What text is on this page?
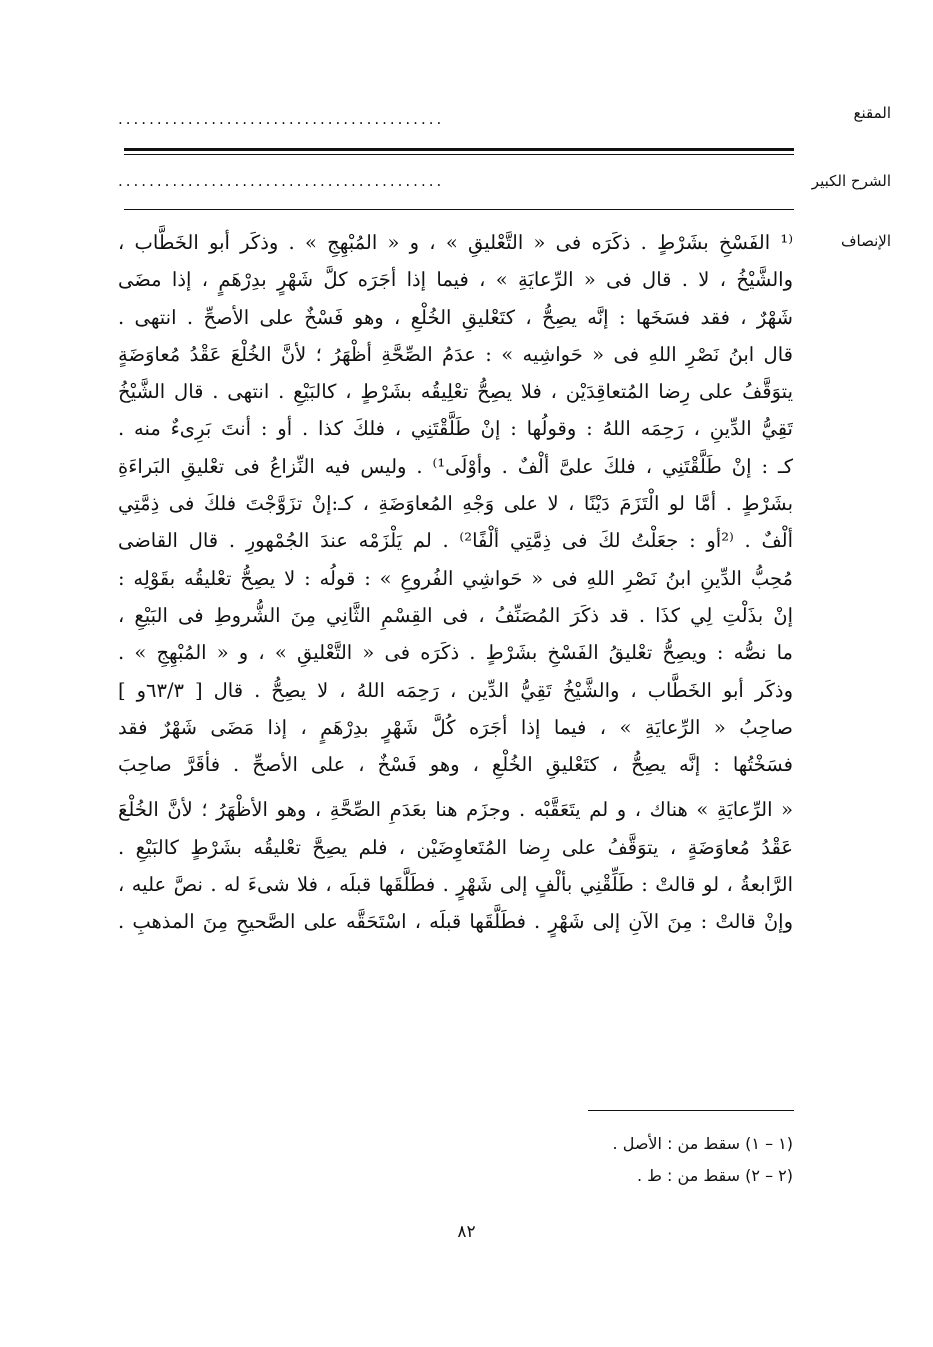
المقنع
..........................................
الشرح الكبير
..........................................
الإنصاف
⁽¹ الفَسْخِ بشَرْطٍ . ذكَرَه فى « التَّعْليقِ » ، و « المُبْهِجِ » . وذكَر أبو الخَطَّاب ،
والشَّيْخُ ، لا . قال فى « الرِّعايَةِ » ، فيما إذا أجَرَه كلَّ شَهْرٍ بدِرْهَمٍ ، إذا مضَى
شَهْرٌ ، فقد فسَخَها : إنَّه يصِحُّ ، كتَعْليقِ الخُلْعِ ، وهو فَسْخٌ على الأصحِّ . انتهى .
قال ابنُ نَصْرِ اللهِ فى « حَواشِيه » : عدَمُ الصِّحَّةِ أظْهَرُ ؛ لأنَّ الخُلْعَ عَقْدُ مُعاوَضَةٍ
يتوَقَّفُ على رِضا المُتعاقِدَيْن ، فلا يصِحُّ تعْلِيقُه بشَرْطٍ ، كالبَيْعِ . انتهى . قال الشَّيْخُ
تَقِيُّ الدِّينِ ، رَحِمَه اللهُ : وقولُها : إنْ طَلَّقْتَنِي ، فلكَ كذا . أو : أنتَ بَرِىءٌ منه .
كـ : إنْ طَلَّقْتَنِي ، فلكَ علىَّ ألْفٌ . وأوْلَى¹⁾ . وليس فيه النِّزاعُ فى تعْليقِ البَراءَةِ
بشَرْطٍ . أمَّا لو الْتَزَمَ دَيْنًا ، لا على وَجْهِ المُعاوَضَةِ ، كـ:إنْ تزَوَّجْتَ فلكَ فى ذِمَّتِي
ألْفٌ . ⁽²أو : جعَلْتُ لكَ فى ذِمَّتِي ألْفًا²⁾ . لم يَلْزَمْه عندَ الجُمْهورِ . قال القاضى
مُحِبُّ الدِّينِ ابنُ نَصْرِ اللهِ فى « حَواشِي الفُروعِ » : قولُه : لا يصِحُّ تعْليقُه بقَوْلِه :
إنْ بذَلْتِ لِي كذَا . قد ذكَرَ المُصَنِّفُ ، فى القِسْمِ الثَّانِي مِنَ الشُّروطِ فى البَيْعِ ،
ما نصُّه : ويصِحُّ تعْليقُ الفَسْخِ بشَرْطٍ . ذكَرَه فى « التَّعْليقِ » ، و « المُبْهِجِ » .
وذكَر أبو الخَطَّاب ، والشَّيْخُ تَقِيُّ الدِّين ، رَحِمَه اللهُ ، لا يصِحُّ . قال [ ٦٣/٣و ]
صاحِبُ « الرِّعايَةِ » ، فيما إذا أجَرَه كُلَّ شَهْرٍ بدِرْهَمٍ ، إذا مَضَى شَهْرٌ فقد
فسَخْتُها : إنَّه يصِحُّ ، كتَعْليقِ الخُلْعِ ، وهو فَسْخٌ ، على الأصحِّ . فأقَرَّ صاحِبَ
« الرِّعايَةِ » هناك ، و لم يتَعَقَّبْه . وجزَم هنا بعَدَمِ الصِّحَّةِ ، وهو الأظْهَرُ ؛ لأنَّ الخُلْعَ
عَقْدُ مُعاوَضَةٍ ، يتوَقَّفُ على رِضا المُتَعاوِضَيْن ، فلم يصِحَّ تعْليقُه بشَرْطٍ كالبَيْعِ .
الرَّابعةُ ، لو قالتْ : طَلِّقْنِي بألْفٍ إلى شَهْرٍ . فطَلَّقَها قبلَه ، فلا شىءَ له . نصَّ عليه ،
وإنْ قالتْ : مِنَ الآنِ إلى شَهْرٍ . فطَلَّقَها قبلَه ، اسْتَحَقَّه على الصَّحيحِ مِنَ المذهبِ .
(١ – ١) سقط من : الأصل .
(٢ – ٢) سقط من : ط .
٨٢
